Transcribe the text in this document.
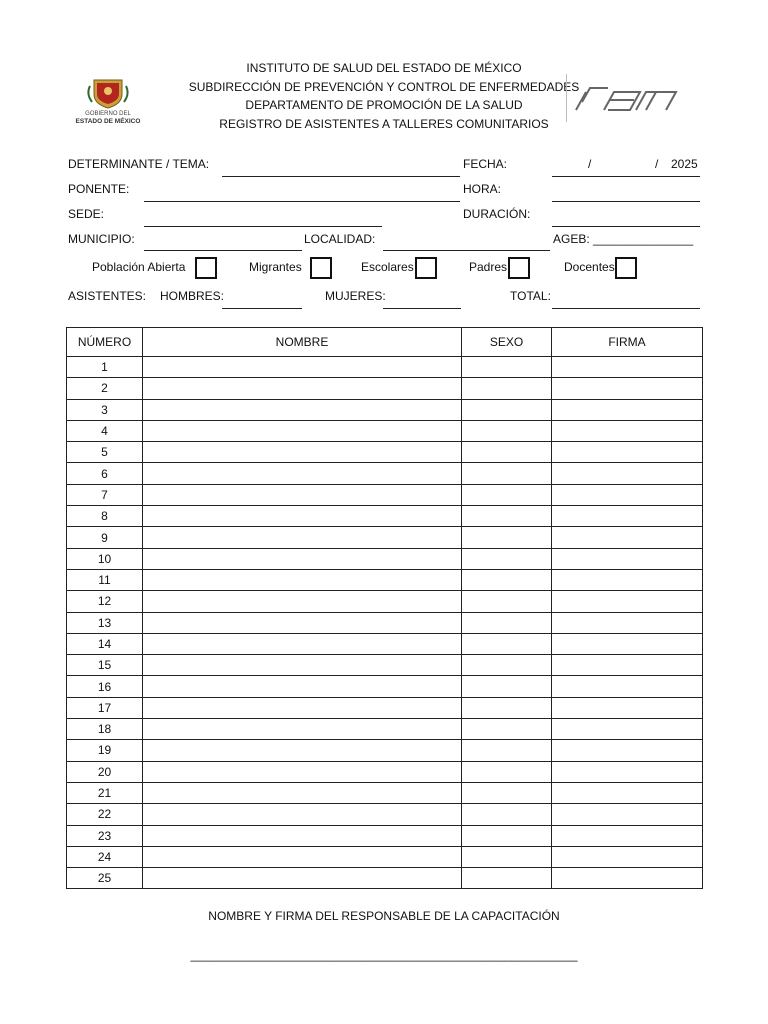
GOBIERNO DEL
ESTADO DE MÉXICO
INSTITUTO DE SALUD DEL ESTADO DE MÉXICO
SUBDIRECCIÓN DE PREVENCIÓN Y CONTROL DE ENFERMEDADES
DEPARTAMENTO DE PROMOCIÓN DE LA SALUD
REGISTRO DE ASISTENTES A TALLERES COMUNITARIOS
DETERMINANTE / TEMA:	FECHA:	/	/ 2025
PONENTE:	HORA:
SEDE:	DURACIÓN:
MUNICIPIO:	LOCALIDAD:	AGEB: _______________
Población Abierta	Migrantes	Escolares	Padres	Docentes
ASISTENTES: HOMBRES:	MUJERES:	TOTAL:
NÚMERO	NOMBRE	SEXO	FIRMA
1			
2			
3			
4			
5			
6			
7			
8			
9			
10			
11			
12			
13			
14			
15			
16			
17			
18			
19			
20			
21			
22			
23			
24			
25			
NOMBRE Y FIRMA DEL RESPONSABLE DE LA CAPACITACIÓN
__________________________________________________________
